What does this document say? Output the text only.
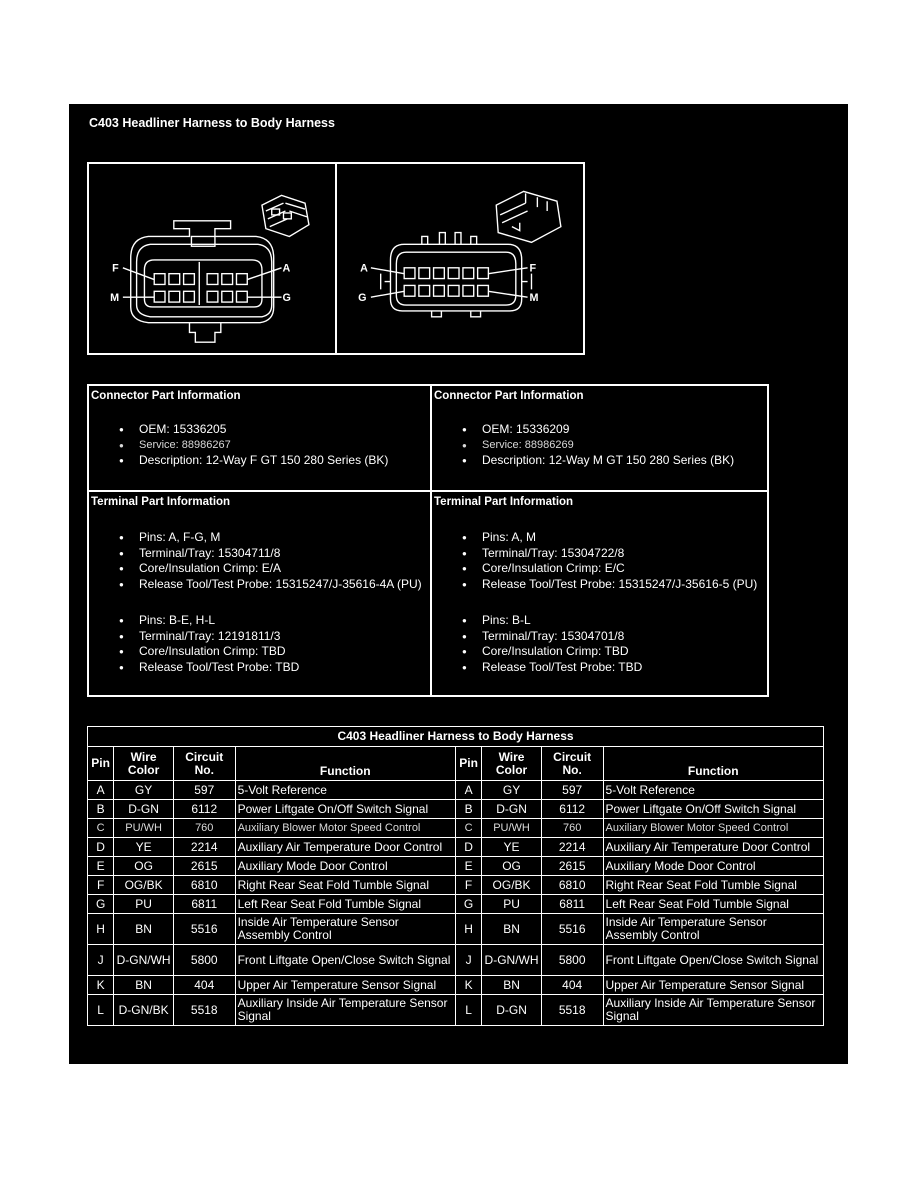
C403 Headliner Harness to Body Harness
F	A
M	G
A	F
G	M
Connector Part Information
● OEM: 15336205
● Service: 88986267
● Description: 12-Way F GT 150 280 Series (BK)
Connector Part Information
● OEM: 15336209
● Service: 88986269
● Description: 12-Way M GT 150 280 Series (BK)
Terminal Part Information
● Pins: A, F-G, M
● Terminal/Tray: 15304711/8
● Core/Insulation Crimp: E/A
● Release Tool/Test Probe: 15315247/J-35616-4A (PU)
● Pins: B-E, H-L
● Terminal/Tray: 12191811/3
● Core/Insulation Crimp: TBD
● Release Tool/Test Probe: TBD
Terminal Part Information
● Pins: A, M
● Terminal/Tray: 15304722/8
● Core/Insulation Crimp: E/C
● Release Tool/Test Probe: 15315247/J-35616-5 (PU)
● Pins: B-L
● Terminal/Tray: 15304701/8
● Core/Insulation Crimp: TBD
● Release Tool/Test Probe: TBD
C403 Headliner Harness to Body Harness							
Pin	Wire Color	Circuit No.	Function	Pin	Wire Color	Circuit No.	Function
A	GY	597	5-Volt Reference	A	GY	597	5-Volt Reference
B	D-GN	6112	Power Liftgate On/Off Switch Signal	B	D-GN	6112	Power Liftgate On/Off Switch Signal
C	PU/WH	760	Auxiliary Blower Motor Speed Control	C	PU/WH	760	Auxiliary Blower Motor Speed Control
D	YE	2214	Auxiliary Air Temperature Door Control	D	YE	2214	Auxiliary Air Temperature Door Control
E	OG	2615	Auxiliary Mode Door Control	E	OG	2615	Auxiliary Mode Door Control
F	OG/BK	6810	Right Rear Seat Fold Tumble Signal	F	OG/BK	6810	Right Rear Seat Fold Tumble Signal
G	PU	6811	Left Rear Seat Fold Tumble Signal	G	PU	6811	Left Rear Seat Fold Tumble Signal
H	BN	5516	Inside Air Temperature Sensor Assembly Control	H	BN	5516	Inside Air Temperature Sensor Assembly Control
J	D-GN/WH	5800	Front Liftgate Open/Close Switch Signal	J	D-GN/WH	5800	Front Liftgate Open/Close Switch Signal
K	BN	404	Upper Air Temperature Sensor Signal	K	BN	404	Upper Air Temperature Sensor Signal
L	D-GN/BK	5518	Auxiliary Inside Air Temperature Sensor Signal	L	D-GN	5518	Auxiliary Inside Air Temperature Sensor Signal
